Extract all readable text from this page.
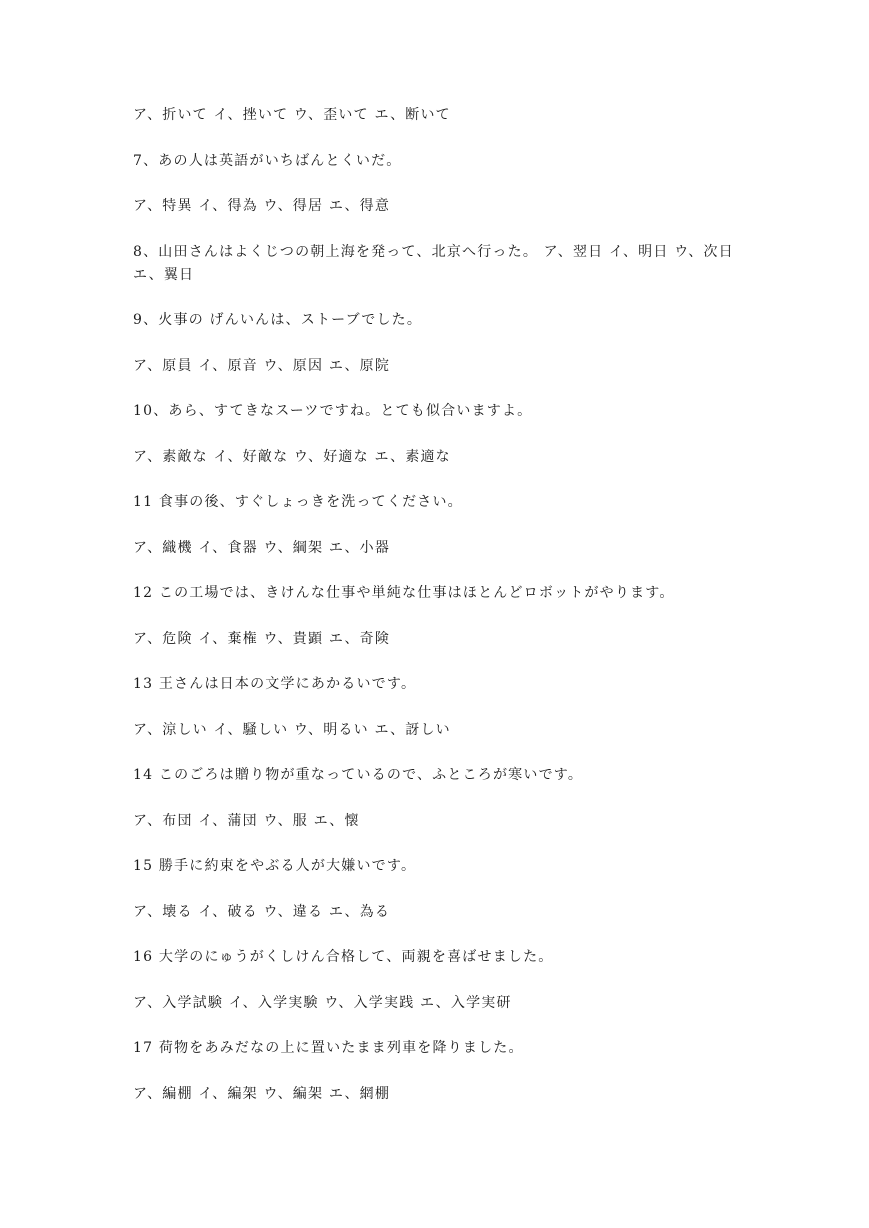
ア、折いて イ、挫いて ウ、歪いて エ、断いて
7、あの人は英語がいちばんとくいだ。
ア、特異 イ、得為 ウ、得居 エ、得意
8、山田さんはよくじつの朝上海を発って、北京へ行った。 ア、翌日 イ、明日 ウ、次日 エ、翼日
9、火事の げんいんは、ストーブでした。
ア、原員 イ、原音 ウ、原因 エ、原院
10、あら、すてきなスーツですね。とても似合いますよ。
ア、素敵な イ、好敵な ウ、好適な エ、素適な
11 食事の後、すぐしょっきを洗ってください。
ア、織機 イ、食器 ウ、綱架 エ、小器
12 この工場では、きけんな仕事や単純な仕事はほとんどロボットがやります。
ア、危険 イ、棄権 ウ、貴顕 エ、奇険
13 王さんは日本の文学にあかるいです。
ア、涼しい イ、騒しい ウ、明るい エ、訝しい
14 このごろは贈り物が重なっているので、ふところが寒いです。
ア、布団 イ、蒲団 ウ、服 エ、懐
15 勝手に約束をやぶる人が大嫌いです。
ア、壊る イ、破る ウ、違る エ、為る
16 大学のにゅうがくしけん合格して、両親を喜ばせました。
ア、入学試験 イ、入学実験 ウ、入学実践 エ、入学実研
17 荷物をあみだなの上に置いたまま列車を降りました。
ア、編棚 イ、編架 ウ、編架 エ、網棚
